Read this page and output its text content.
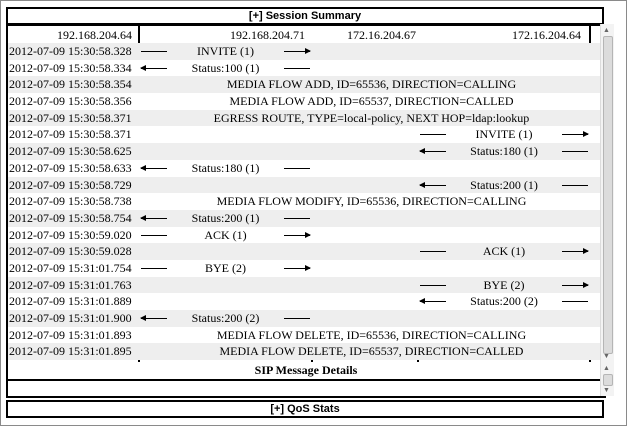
[+] Session Summary
192.168.204.64	192.168.204.71	172.16.204.67	172.16.204.64
2012-07-09 15:30:58.328	INVITE (1)
2012-07-09 15:30:58.334	Status:100 (1)
2012-07-09 15:30:58.354	MEDIA FLOW ADD, ID=65536, DIRECTION=CALLING
2012-07-09 15:30:58.356	MEDIA FLOW ADD, ID=65537, DIRECTION=CALLED
2012-07-09 15:30:58.371	EGRESS ROUTE, TYPE=local-policy, NEXT HOP=ldap:lookup
2012-07-09 15:30:58.371	INVITE (1)
2012-07-09 15:30:58.625	Status:180 (1)
2012-07-09 15:30:58.633	Status:180 (1)
2012-07-09 15:30:58.729	Status:200 (1)
2012-07-09 15:30:58.738	MEDIA FLOW MODIFY, ID=65536, DIRECTION=CALLING
2012-07-09 15:30:58.754	Status:200 (1)
2012-07-09 15:30:59.020	ACK (1)
2012-07-09 15:30:59.028	ACK (1)
2012-07-09 15:31:01.754	BYE (2)
2012-07-09 15:31:01.763	BYE (2)
2012-07-09 15:31:01.889	Status:200 (2)
2012-07-09 15:31:01.900	Status:200 (2)
2012-07-09 15:31:01.893	MEDIA FLOW DELETE, ID=65536, DIRECTION=CALLING
2012-07-09 15:31:01.895	MEDIA FLOW DELETE, ID=65537, DIRECTION=CALLED
▲
▼
SIP Message Details	▲
▼
[+] QoS Stats
